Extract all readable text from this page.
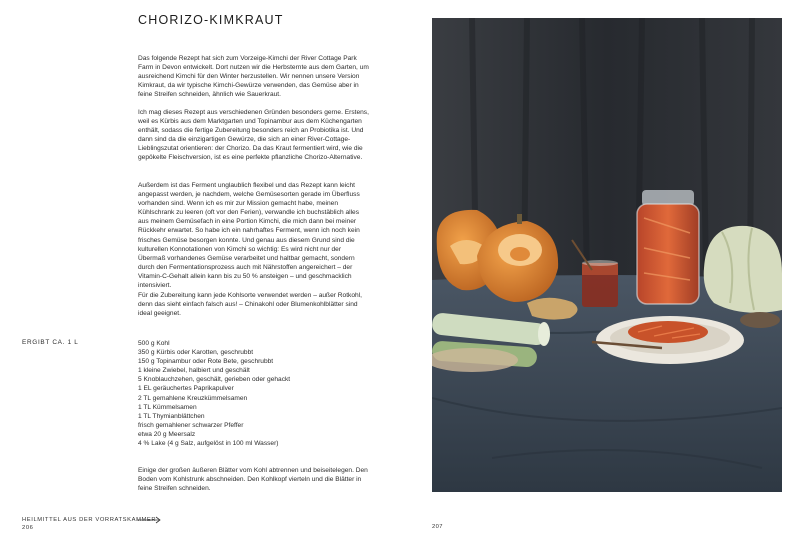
CHORIZO-KIMKRAUT

Das folgende Rezept hat sich zum Vorzeige-Kimchi der River Cottage Park Farm in Devon entwickelt. Dort nutzen wir die Herbsternte aus dem Garten, um ausreichend Kimchi für den Winter herzustellen. Wir nennen unsere Version Kimkraut, da wir typische Kimchi-Gewürze verwenden, das Gemüse aber in feine Streifen schneiden, ähnlich wie Sauerkraut.

Ich mag dieses Rezept aus verschiedenen Gründen besonders gerne. Erstens, weil es Kürbis aus dem Marktgarten und Topinambur aus dem Küchengarten enthält, sodass die fertige Zubereitung besonders reich an Probiotika ist. Und dann sind da die einzigartigen Gewürze, die sich an einer River-Cottage-Lieblingszutat orientieren: der Chorizo. Da das Kraut fermentiert wird, wie die gepökelte Fleischversion, ist es eine perfekte pflanzliche Chorizo-Alternative.

Außerdem ist das Ferment unglaublich flexibel und das Rezept kann leicht angepasst werden, je nachdem, welche Gemüsesorten gerade im Überfluss vorhanden sind. Wenn ich es mir zur Mission gemacht habe, meinen Kühlschrank zu leeren (oft vor den Ferien), verwandle ich buchstäblich alles aus meinem Gemüsefach in eine Portion Kimchi, die mich dann bei meiner Rückkehr erwartet. So habe ich ein nahrhaftes Ferment, wenn ich noch kein frisches Gemüse besorgen konnte. Und genau aus diesem Grund sind die kulturellen Konnotationen von Kimchi so wichtig: Es wird nicht nur der Übermaß vorhandenes Gemüse verarbeitet und haltbar gemacht, sondern durch den Fermentationsprozess auch mit Nährstoffen angereichert – der Vitamin-C-Gehalt allein kann bis zu 50 % ansteigen – und geschmacklich intensiviert.

Für die Zubereitung kann jede Kohlsorte verwendet werden – außer Rotkohl, denn das sieht einfach falsch aus! – Chinakohl oder Blumenkohlblätter sind ideal geeignet.

ERGIBT CA. 1 L	500 g Kohl
350 g Kürbis oder Karotten, geschrubbt
150 g Topinambur oder Rote Bete, geschrubbt
1 kleine Zwiebel, halbiert und geschält
5 Knoblauchzehen, geschält, gerieben oder gehackt
1 EL geräuchertes Paprikapulver
2 TL gemahlene Kreuzkümmelsamen
1 TL Kümmelsamen
1 TL Thymianblättchen
frisch gemahlener schwarzer Pfeffer
etwa 20 g Meersalz
4 % Lake (4 g Salz, aufgelöst in 100 ml Wasser)

Einige der großen äußeren Blätter vom Kohl abtrennen und beiseitelegen. Den Boden vom Kohlstrunk abschneiden. Den Kohlkopf vierteln und die Blätter in feine Streifen schneiden.

HEILMITTEL AUS DER VORRATSKAMMER
206	207
